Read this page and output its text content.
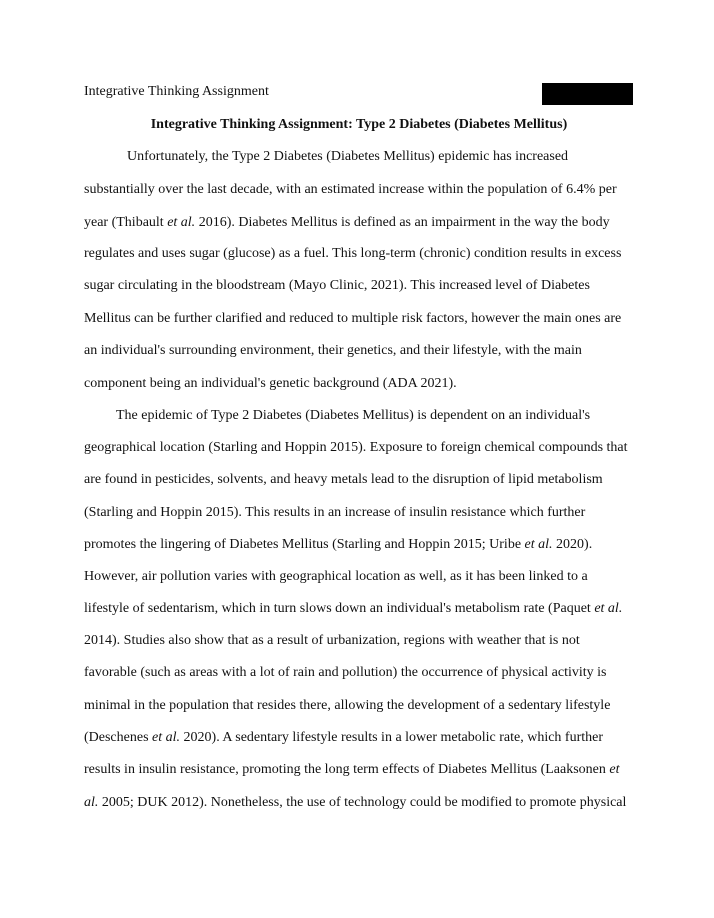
Integrative Thinking Assignment
Integrative Thinking Assignment: Type 2 Diabetes (Diabetes Mellitus)
Unfortunately, the Type 2 Diabetes (Diabetes Mellitus) epidemic has increased
substantially over the last decade, with an estimated increase within the population of 6.4% per
year (Thibault et al. 2016). Diabetes Mellitus is defined as an impairment in the way the body
regulates and uses sugar (glucose) as a fuel. This long-term (chronic) condition results in excess
sugar circulating in the bloodstream (Mayo Clinic, 2021). This increased level of Diabetes
Mellitus can be further clarified and reduced to multiple risk factors, however the main ones are
an individual's surrounding environment, their genetics, and their lifestyle, with the main
component being an individual's genetic background (ADA 2021).
The epidemic of Type 2 Diabetes (Diabetes Mellitus) is dependent on an individual's
geographical location (Starling and Hoppin 2015). Exposure to foreign chemical compounds that
are found in pesticides, solvents, and heavy metals lead to the disruption of lipid metabolism
(Starling and Hoppin 2015). This results in an increase of insulin resistance which further
promotes the lingering of Diabetes Mellitus (Starling and Hoppin 2015; Uribe et al. 2020).
However, air pollution varies with geographical location as well, as it has been linked to a
lifestyle of sedentarism, which in turn slows down an individual's metabolism rate (Paquet et al.
2014). Studies also show that as a result of urbanization, regions with weather that is not
favorable (such as areas with a lot of rain and pollution) the occurrence of physical activity is
minimal in the population that resides there, allowing the development of a sedentary lifestyle
(Deschenes et al. 2020). A sedentary lifestyle results in a lower metabolic rate, which further
results in insulin resistance, promoting the long term effects of Diabetes Mellitus (Laaksonen et
al. 2005; DUK 2012). Nonetheless, the use of technology could be modified to promote physical
